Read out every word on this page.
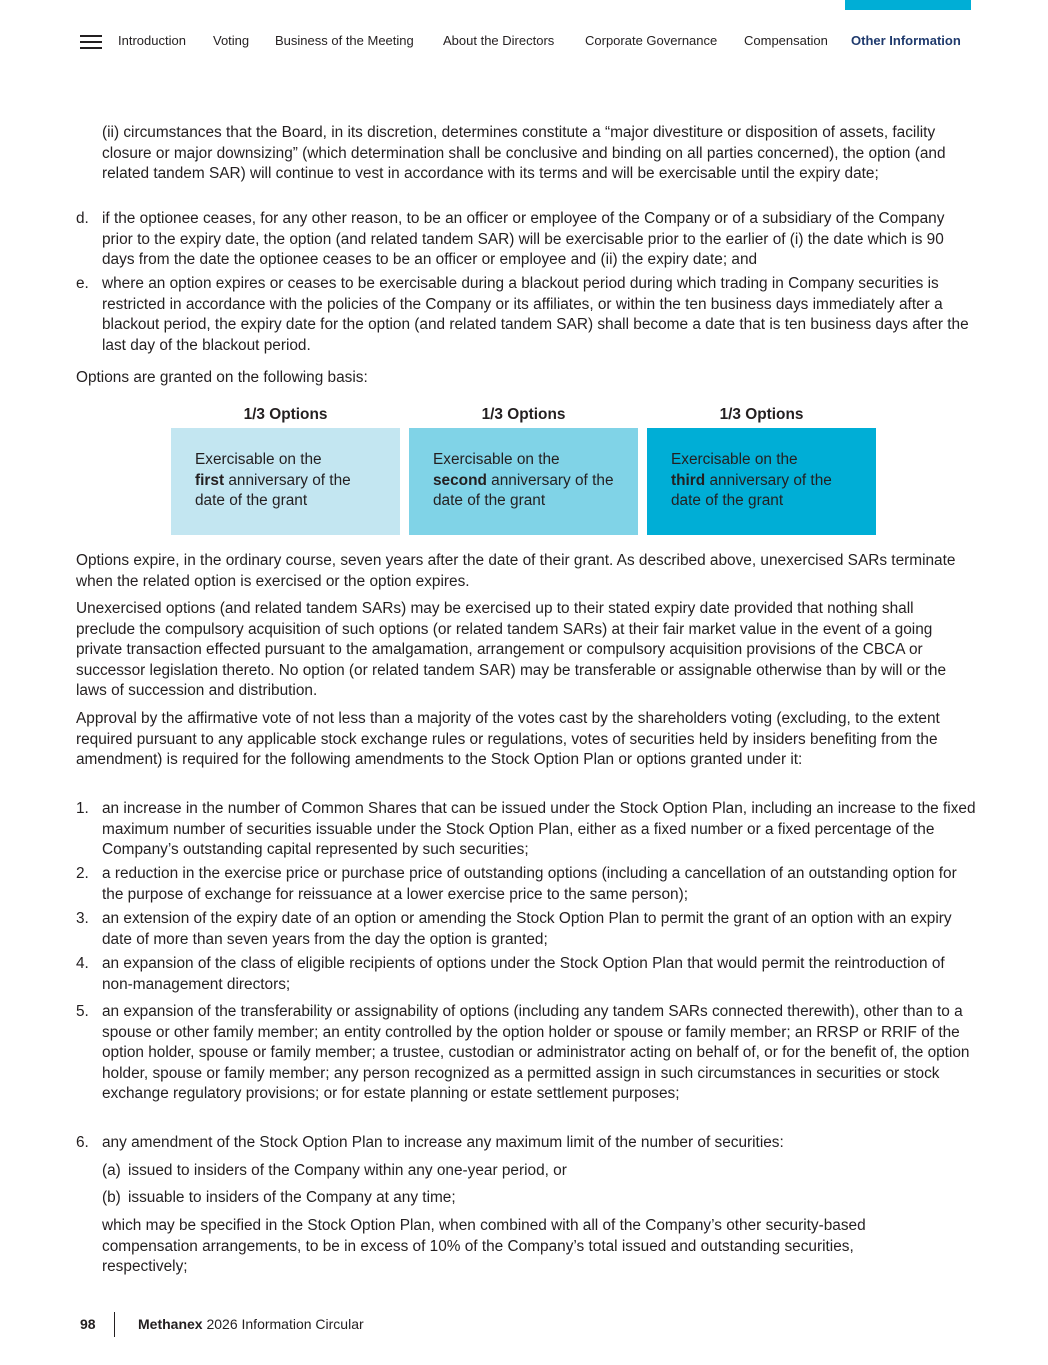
Introduction Voting Business of the Meeting About the Directors Corporate Governance Compensation Other Information

(ii) circumstances that the Board, in its discretion, determines constitute a “major divestiture or disposition of assets, facility closure or major downsizing” (which determination shall be conclusive and binding on all parties concerned), the option (and related tandem SAR) will continue to vest in accordance with its terms and will be exercisable until the expiry date;

d. if the optionee ceases, for any other reason, to be an officer or employee of the Company or of a subsidiary of the Company prior to the expiry date, the option (and related tandem SAR) will be exercisable prior to the earlier of (i) the date which is 90 days from the date the optionee ceases to be an officer or employee and (ii) the expiry date; and
e. where an option expires or ceases to be exercisable during a blackout period during which trading in Company securities is restricted in accordance with the policies of the Company or its affiliates, or within the ten business days immediately after a blackout period, the expiry date for the option (and related tandem SAR) shall become a date that is ten business days after the last day of the blackout period.

Options are granted on the following basis:

Options expire, in the ordinary course, seven years after the date of their grant. As described above, unexercised SARs terminate when the related option is exercised or the option expires.

Unexercised options (and related tandem SARs) may be exercised up to their stated expiry date provided that nothing shall preclude the compulsory acquisition of such options (or related tandem SARs) at their fair market value in the event of a going private transaction effected pursuant to the amalgamation, arrangement or compulsory acquisition provisions of the CBCA or successor legislation thereto. No option (or related tandem SAR) may be transferable or assignable otherwise than by will or the laws of succession and distribution.

Approval by the affirmative vote of not less than a majority of the votes cast by the shareholders voting (excluding, to the extent required pursuant to any applicable stock exchange rules or regulations, votes of securities held by insiders benefiting from the amendment) is required for the following amendments to the Stock Option Plan or options granted under it:

1. an increase in the number of Common Shares that can be issued under the Stock Option Plan, including an increase to the fixed maximum number of securities issuable under the Stock Option Plan, either as a fixed number or a fixed percentage of the Company’s outstanding capital represented by such securities;
2. a reduction in the exercise price or purchase price of outstanding options (including a cancellation of an outstanding option for the purpose of exchange for reissuance at a lower exercise price to the same person);
3. an extension of the expiry date of an option or amending the Stock Option Plan to permit the grant of an option with an expiry date of more than seven years from the day the option is granted;
4. an expansion of the class of eligible recipients of options under the Stock Option Plan that would permit the reintroduction of non-management directors;
5. an expansion of the transferability or assignability of options (including any tandem SARs connected therewith), other than to a spouse or other family member; an entity controlled by the option holder or spouse or family member; an RRSP or RRIF of the option holder, spouse or family member; a trustee, custodian or administrator acting on behalf of, or for the benefit of, the option holder, spouse or family member; any person recognized as a permitted assign in such circumstances in securities or stock exchange regulatory provisions; or for estate planning or estate settlement purposes;
6. any amendment of the Stock Option Plan to increase any maximum limit of the number of securities:
(a) issued to insiders of the Company within any one-year period, or
(b) issuable to insiders of the Company at any time;

which may be specified in the Stock Option Plan, when combined with all of the Company’s other security-based compensation arrangements, to be in excess of 10% of the Company’s total issued and outstanding securities, respectively;

1/3 Options	1/3 Options	1/3 Options
Exercisable on the
first anniversary of the date of the grant
Exercisable on the
second anniversary of the date of the grant
Exercisable on the
third anniversary of the date of the grant
98	Methanex 2026 Information Circular
